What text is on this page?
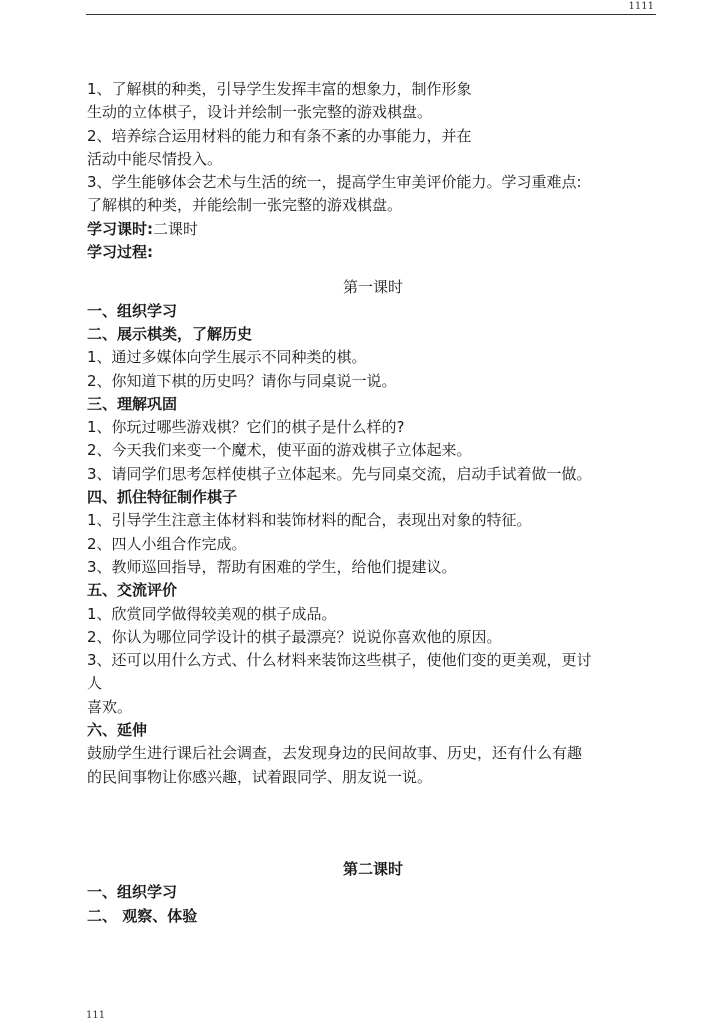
1111

1、了解棋的种类，引导学生发挥丰富的想象力，制作形象

生动的立体棋子，设计并绘制一张完整的游戏棋盘。

2、培养综合运用材料的能力和有条不紊的办事能力，并在

活动中能尽情投入。

3、学生能够体会艺术与生活的统一，提高学生审美评价能力。学习重难点:

了解棋的种类，并能绘制一张完整的游戏棋盘。

学习课时:二课时

学习过程:

第一课时

一、组织学习

二、展示棋类，了解历史

1、通过多媒体向学生展示不同种类的棋。

2、你知道下棋的历史吗？请你与同桌说一说。

三、理解巩固

1、你玩过哪些游戏棋？它们的棋子是什么样的?

2、今天我们来变一个魔术，使平面的游戏棋子立体起来。

3、请同学们思考怎样使棋子立体起来。先与同桌交流，启动手试着做一做。

四、抓住特征制作棋子

1、引导学生注意主体材料和装饰材料的配合，表现出对象的特征。

2、四人小组合作完成。

3、教师巡回指导，帮助有困难的学生，给他们提建议。

五、交流评价

1、欣赏同学做得较美观的棋子成品。

2、你认为哪位同学设计的棋子最漂亮？说说你喜欢他的原因。

3、还可以用什么方式、什么材料来装饰这些棋子，使他们变的更美观，更讨

人

喜欢。

六、延伸

鼓励学生进行课后社会调查，去发现身边的民间故事、历史，还有什么有趣

的民间事物让你感兴趣，试着跟同学、朋友说一说。

第二课时

一、组织学习

二、 观察、体验

111
